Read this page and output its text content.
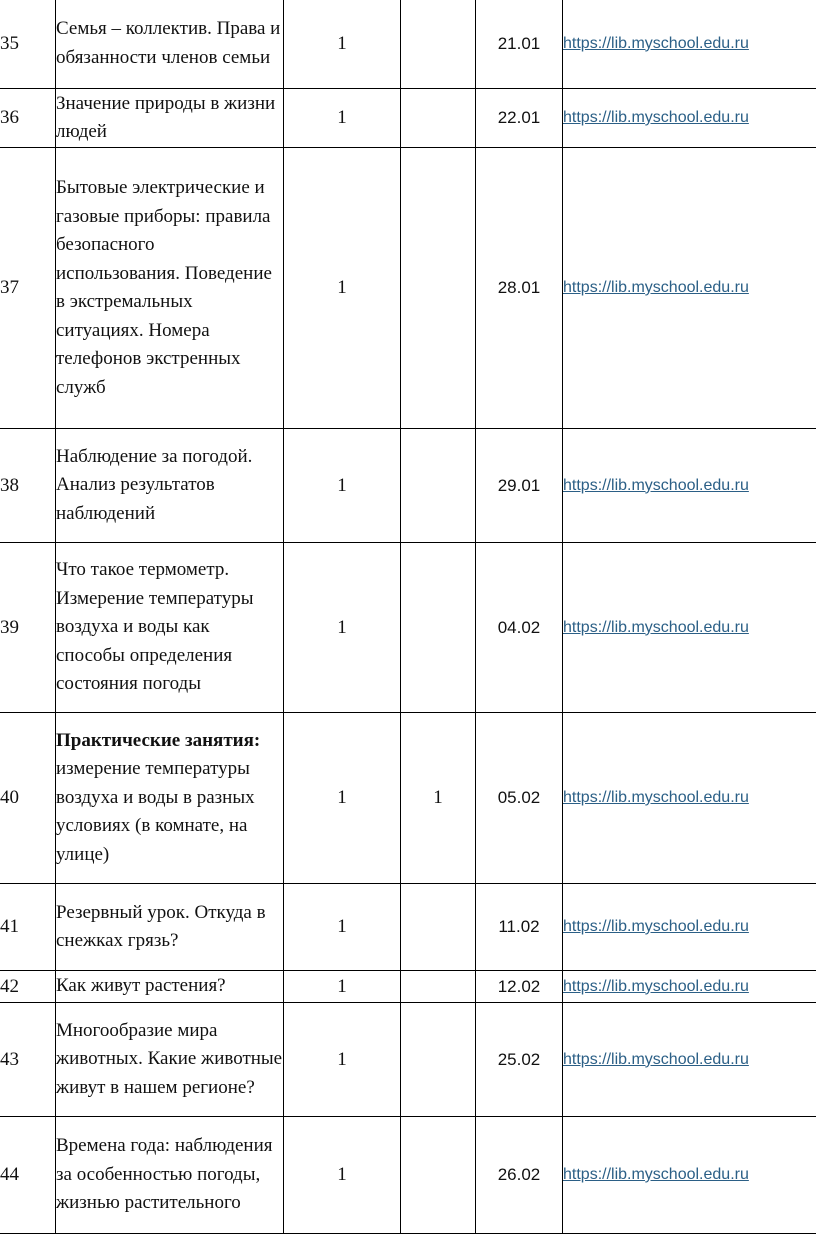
35	Семья – коллектив. Права и обязанности членов семьи	1		21.01	https://lib.myschool.edu.ru
36	Значение природы в жизни людей	1		22.01	https://lib.myschool.edu.ru
37	Бытовые электрические и газовые приборы: правила безопасного использования. Поведение в экстремальных ситуациях. Номера телефонов экстренных служб	1		28.01	https://lib.myschool.edu.ru
38	Наблюдение за погодой. Анализ результатов наблюдений	1		29.01	https://lib.myschool.edu.ru
39	Что такое термометр. Измерение температуры воздуха и воды как способы определения состояния погоды	1		04.02	https://lib.myschool.edu.ru
40	Практические занятия: измерение температуры воздуха и воды в разных условиях (в комнате, на улице)	1	1	05.02	https://lib.myschool.edu.ru
41	Резервный урок. Откуда в снежках грязь?	1		11.02	https://lib.myschool.edu.ru
42	Как живут растения?	1		12.02	https://lib.myschool.edu.ru
43	Многообразие мира животных. Какие животные живут в нашем регионе?	1		25.02	https://lib.myschool.edu.ru
44	Времена года: наблюдения за особенностью погоды, жизнью растительного	1		26.02	https://lib.myschool.edu.ru
